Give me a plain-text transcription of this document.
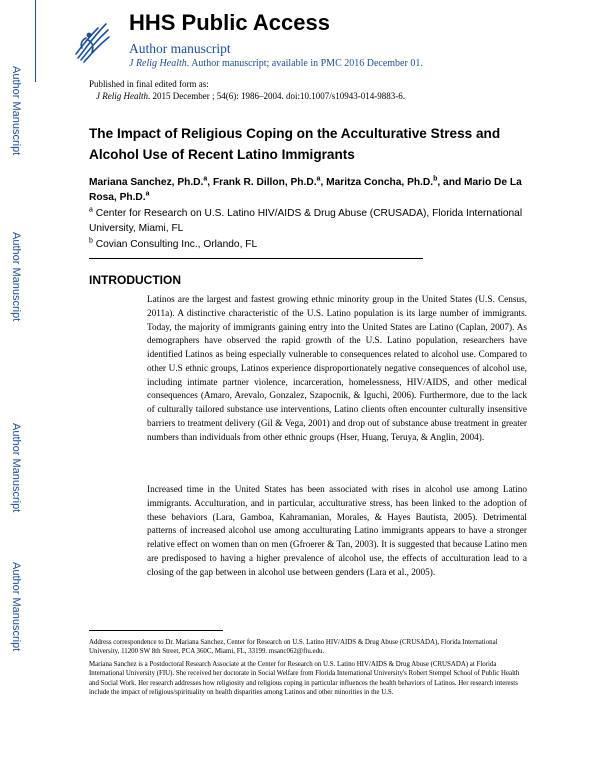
Author Manuscript
Author Manuscript
Author Manuscript
Author Manuscript
HHS Public Access
Author manuscript
J Relig Health. Author manuscript; available in PMC 2016 December 01.
Published in final edited form as:
J Relig Health. 2015 December ; 54(6): 1986–2004. doi:10.1007/s10943-014-9883-6.
The Impact of Religious Coping on the Acculturative Stress and Alcohol Use of Recent Latino Immigrants
Mariana Sanchez, Ph.D.$^a$, Frank R. Dillon, Ph.D.$^a$, Maritza Concha, Ph.D.$^b$, and Mario De La Rosa, Ph.D.$^a$
$^a$ Center for Research on U.S. Latino HIV/AIDS & Drug Abuse (CRUSADA), Florida International University, Miami, FL
$^b$ Covian Consulting Inc., Orlando, FL
INTRODUCTION

Latinos are the largest and fastest growing ethnic minority group in the United States (U.S. Census, 2011a). A distinctive characteristic of the U.S. Latino population is its large number of immigrants. Today, the majority of immigrants gaining entry into the United States are Latino (Caplan, 2007). As demographers have observed the rapid growth of the U.S. Latino population, researchers have identified Latinos as being especially vulnerable to consequences related to alcohol use. Compared to other U.S ethnic groups, Latinos experience disproportionately negative consequences of alcohol use, including intimate partner violence, incarceration, homelessness, HIV/AIDS, and other medical consequences (Amaro, Arevalo, Gonzalez, Szapocnik, & Iguchi, 2006). Furthermore, due to the lack of culturally tailored substance use interventions, Latino clients often encounter culturally insensitive barriers to treatment delivery (Gil & Vega, 2001) and drop out of substance abuse treatment in greater numbers than individuals from other ethnic groups (Hser, Huang, Teruya, & Anglin, 2004).

Increased time in the United States has been associated with rises in alcohol use among Latino immigrants. Acculturation, and in particular, acculturative stress, has been linked to the adoption of these behaviors (Lara, Gamboa, Kahramanian, Morales, & Hayes Bautista, 2005). Detrimental patterns of increased alcohol use among acculturating Latino immigrants appears to have a stronger relative effect on women than on men (Gfroerer & Tan, 2003). It is suggested that because Latino men are predisposed to having a higher prevalence of alcohol use, the effects of acculturation lead to a closing of the gap between in alcohol use between genders (Lara et al., 2005).

Address correspondence to Dr. Mariana Sanchez, Center for Research on U.S. Latino HIV/AIDS & Drug Abuse (CRUSADA), Florida International University, 11200 SW 8th Street, PCA 360C, Miami, FL, 33199. msanc062@fiu.edu.

Mariana Sanchez is a Postdoctoral Research Associate at the Center for Research on U.S. Latino HIV/AIDS & Drug Abuse (CRUSADA) at Florida International University (FIU). She received her doctorate in Social Welfare from Florida International University's Robert Stempel School of Public Health and Social Work. Her research addresses how religiosity and religious coping in particular influences the health behaviors of Latinos. Her research interests include the impact of religious/spirituality on health disparities among Latinos and other minorities in the U.S.
